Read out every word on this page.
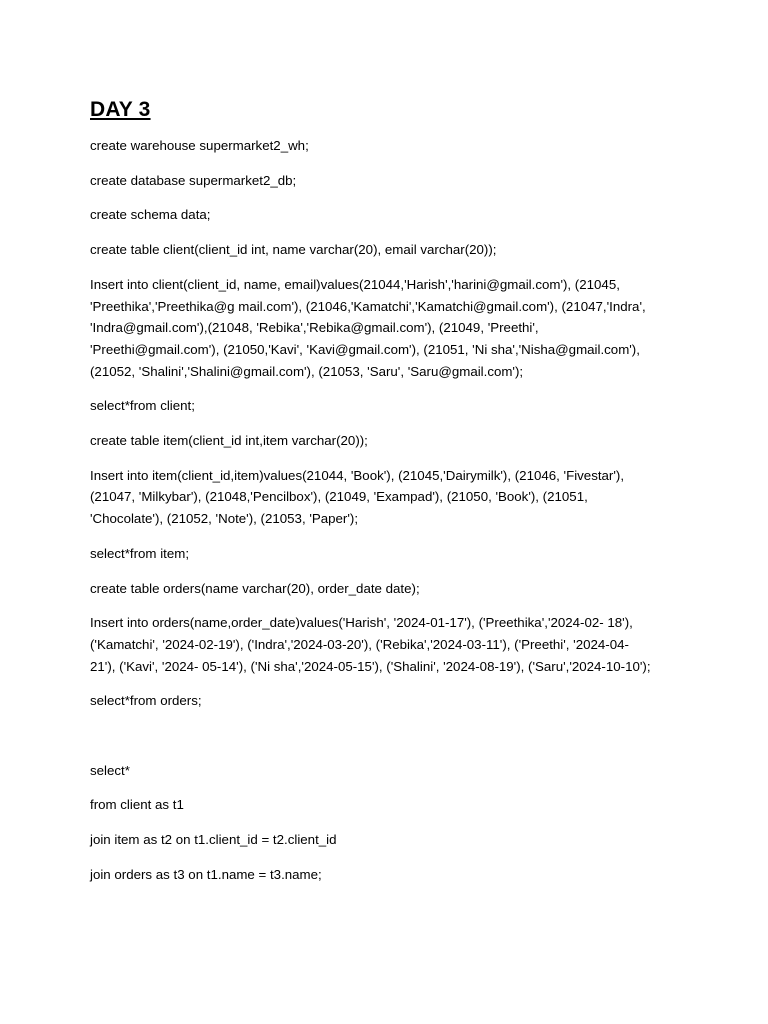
DAY 3

create warehouse supermarket2_wh;

create database supermarket2_db;

create schema data;

create table client(client_id int, name varchar(20), email varchar(20));

Insert into client(client_id, name, email)values(21044,'Harish','harini@gmail.com'), (21045,
'Preethika','Preethika@g mail.com'), (21046,'Kamatchi','Kamatchi@gmail.com'), (21047,'Indra',
'Indra@gmail.com'),(21048, 'Rebika','Rebika@gmail.com'), (21049, 'Preethi',
'Preethi@gmail.com'), (21050,'Kavi', 'Kavi@gmail.com'), (21051, 'Ni sha','Nisha@gmail.com'),
(21052, 'Shalini','Shalini@gmail.com'), (21053, 'Saru', 'Saru@gmail.com');

select*from client;

create table item(client_id int,item varchar(20));

Insert into item(client_id,item)values(21044, 'Book'), (21045,'Dairymilk'), (21046, 'Fivestar'),
(21047, 'Milkybar'), (21048,'Pencilbox'), (21049, 'Exampad'), (21050, 'Book'), (21051,
'Chocolate'), (21052, 'Note'), (21053, 'Paper');

select*from item;

create table orders(name varchar(20), order_date date);

Insert into orders(name,order_date)values('Harish', '2024-01-17'), ('Preethika','2024-02- 18'),
('Kamatchi', '2024-02-19'), ('Indra','2024-03-20'), ('Rebika','2024-03-11'), ('Preethi', '2024-04-
21'), ('Kavi', '2024- 05-14'), ('Ni sha','2024-05-15'), ('Shalini', '2024-08-19'), ('Saru','2024-10-10');

select*from orders;

select*

from client as t1

join item as t2 on t1.client_id = t2.client_id

join orders as t3 on t1.name = t3.name;
